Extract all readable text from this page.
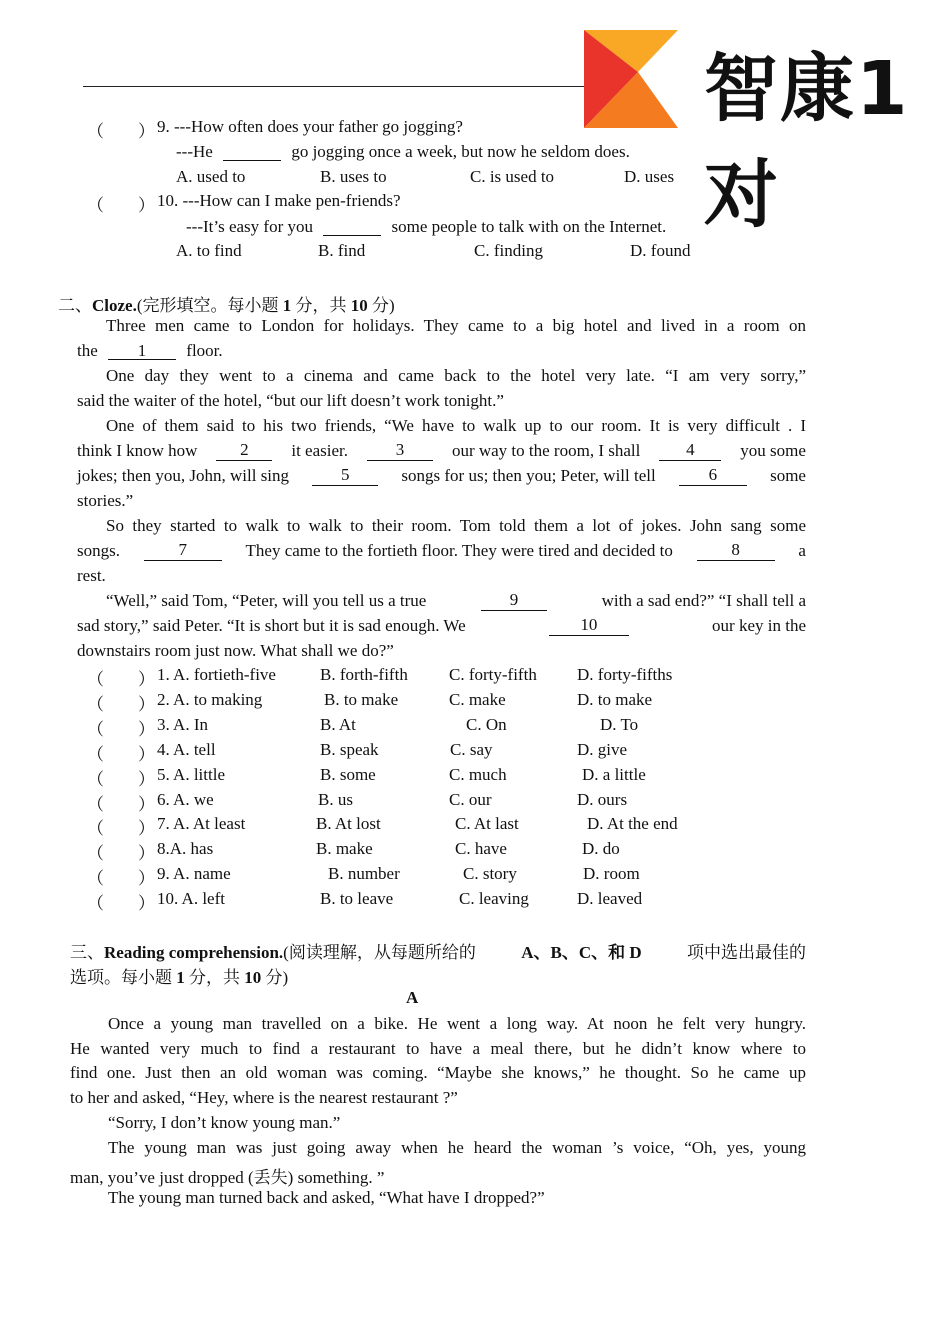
智康1对
（　　） 9. ---How often does your father go jogging?
---He	go jogging once a week, but now he seldom does.
A. used to	B. uses to	C. is used to	D. uses
（　　） 10. ---How can I make pen-friends?
---It’s easy for you	some people to talk with on the Internet.
A. to find	B. find	C. finding	D. found
二、Cloze.(完形填空。每小题 1 分，共 10 分)
Three men came to London for holidays. They came to a big hotel and lived in a room on
the 1 floor.
One day they went to a cinema and came back to the hotel very late. “I am very sorry,”
said the waiter of the hotel, “but our lift doesn’t work tonight.”
One of them said to his two friends, “We have to walk up to our room. It is very difficult . I
think I know how	2	it easier.	3	our way to the room, I shall	4	you some
jokes; then you, John, will sing	5	songs for us; then you; Peter, will tell	6	some
stories.”
So they started to walk to walk to their room. Tom told them a lot of jokes. John sang some
songs.	7	They came to the fortieth floor. They were tired and decided to	8	a
rest.
“Well,” said Tom, “Peter, will you tell us a true	9	with a sad end?” “I shall tell a
sad story,” said Peter. “It is short but it is sad enough. We	10	our key in the
downstairs room just now. What shall we do?”
（　　） 1. A. fortieth-five	B. forth-fifth C. forty-fifth D. forty-fifths
（　　） 2. A. to making	B. to make	C. make	D. to make
（　　） 3. A. In	B. At	C. On	D. To
（　　） 4. A. tell	B. speak	C. say	D. give
（　　） 5. A. little	B. some	C. much	D. a little
（　　） 6. A. we	B. us	C. our	D. ours
（　　） 7. A. At least	B. At lost	C. At last	D. At the end
（　　） 8.A. has	B. make	C. have	D. do
（　　） 9. A. name	B. number	C. story	D. room
（　　） 10. A. left	B. to leave	C. leaving	D. leaved
三、Reading comprehension.(阅读理解，从每题所给的	A、B、C、和 D	项中选出最佳的
选项。每小题 1 分，共 10 分)
A
Once a young man travelled on a bike. He went a long way. At noon he felt very hungry.
He wanted very much to find a restaurant to have a meal there, but he didn’t know where to
find one. Just then an old woman was coming. “Maybe she knows,” he thought. So he came up
to her and asked, “Hey, where is the nearest restaurant ?”
“Sorry, I don’t know young man.”
The young man was just going away when he heard the woman ’s voice, “Oh, yes, young
man, you’ve just dropped (丢失) something. ”
The young man turned back and asked, “What have I dropped?”
